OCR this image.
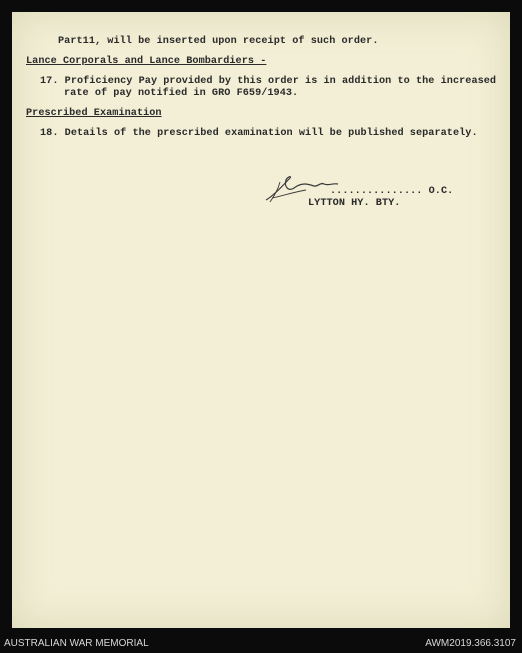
Part11, will be inserted upon receipt of such order.
Lance Corporals and Lance Bombardiers -
17. Proficiency Pay provided by this order is in addition to the increased
rate of pay notified in GRO F659/1943.
Prescribed Examination
18. Details of the prescribed examination will be published separately.
............... O.C.
LYTTON HY. BTY.
AUSTRALIAN WAR MEMORIAL	AWM2019.366.3107
